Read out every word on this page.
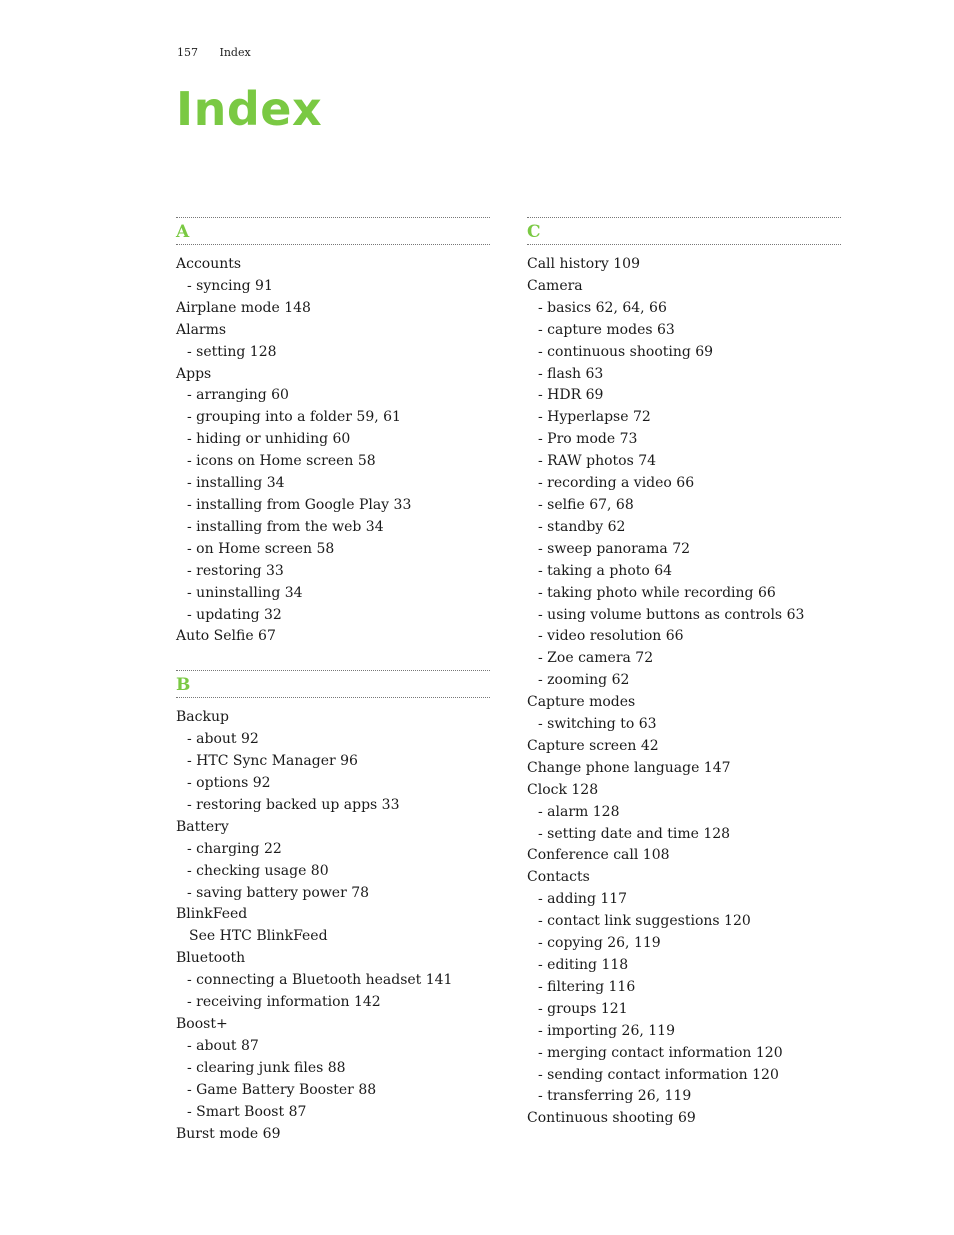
157 Index
Index
A
Accounts
- syncing 91
Airplane mode 148
Alarms
- setting 128
Apps
- arranging 60
- grouping into a folder 59, 61
- hiding or unhiding 60
- icons on Home screen 58
- installing 34
- installing from Google Play 33
- installing from the web 34
- on Home screen 58
- restoring 33
- uninstalling 34
- updating 32
Auto Selfie 67
B
Backup
- about 92
- HTC Sync Manager 96
- options 92
- restoring backed up apps 33
Battery
- charging 22
- checking usage 80
- saving battery power 78
BlinkFeed
See HTC BlinkFeed
Bluetooth
- connecting a Bluetooth headset 141
- receiving information 142
Boost+
- about 87
- clearing junk files 88
- Game Battery Booster 88
- Smart Boost 87
Burst mode 69
C
Call history 109
Camera
- basics 62, 64, 66
- capture modes 63
- continuous shooting 69
- flash 63
- HDR 69
- Hyperlapse 72
- Pro mode 73
- RAW photos 74
- recording a video 66
- selfie 67, 68
- standby 62
- sweep panorama 72
- taking a photo 64
- taking photo while recording 66
- using volume buttons as controls 63
- video resolution 66
- Zoe camera 72
- zooming 62
Capture modes
- switching to 63
Capture screen 42
Change phone language 147
Clock 128
- alarm 128
- setting date and time 128
Conference call 108
Contacts
- adding 117
- contact link suggestions 120
- copying 26, 119
- editing 118
- filtering 116
- groups 121
- importing 26, 119
- merging contact information 120
- sending contact information 120
- transferring 26, 119
Continuous shooting 69
